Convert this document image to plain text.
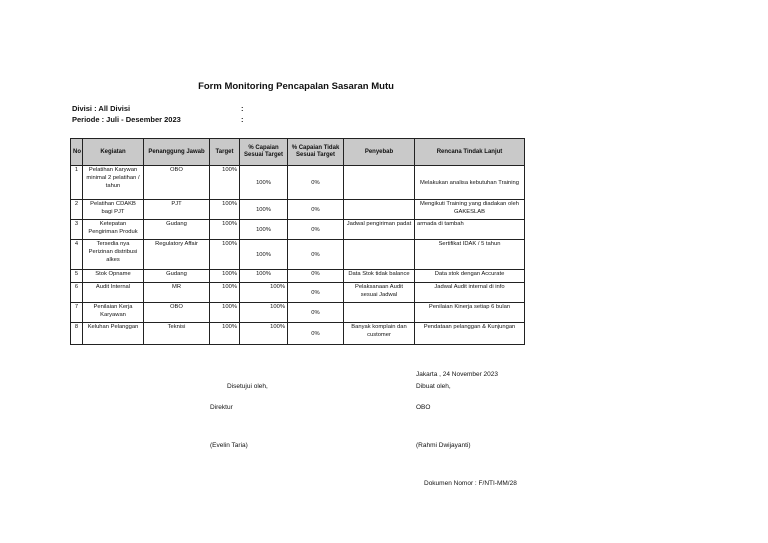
Form Monitoring Pencapalan Sasaran Mutu
Divisi : All Divisi	:
Periode : Juli - Desember 2023	:
No	Kegiatan	Penanggung Jawab	Target	% Capaian Sesuai Target	% Capaian Tidak Sesuai Target	Penyebab	Rencana Tindak Lanjut
1	Pelatihan Karywan minimal 2 pelatihan / tahun	OBO	100%	100%	0%		Melakukan analisa kebutuhan Training
2	Pelatihan CDAKB bagi PJT	PJT	100%	100%	0%		Mengikuti Training yang diadakan oleh GAKESLAB
3	Ketepatan Pengiriman Produk	Gudang	100%	100%	0%	Jadwal pengiriman padat	armada di tambah
4	Tersedia nya Perizinan distribusi alkes	Regulatory Affair	100%	100%	0%		Sertifikat IDAK / 5 tahun
5	Stok Opname	Gudang	100%	100%	0%	Data Stok tidak balance	Data stok dengan Accurate
6	Audit Internal	MR	100%	100%	0%	Pelaksanaan Audit sesuai Jadwal	Jadwal Audit internal di info
7	Penilaian Kerja Karyawan	OBO	100%	100%	0%		Penilaian Kinerja setiap 6 bulan
8	Keluhan Pelanggan	Teknisi	100%	100%	0%	Banyak komplain dan customer	Pendataan pelanggan & Kunjungan
Jakarta , 24 November 2023
Disetujui oleh,	Dibuat oleh,
Direktur	OBO
(Evelin Taria)	(Rahmi Dwijayanti)
Dokumen Nomor : F/NTI-MM/28
